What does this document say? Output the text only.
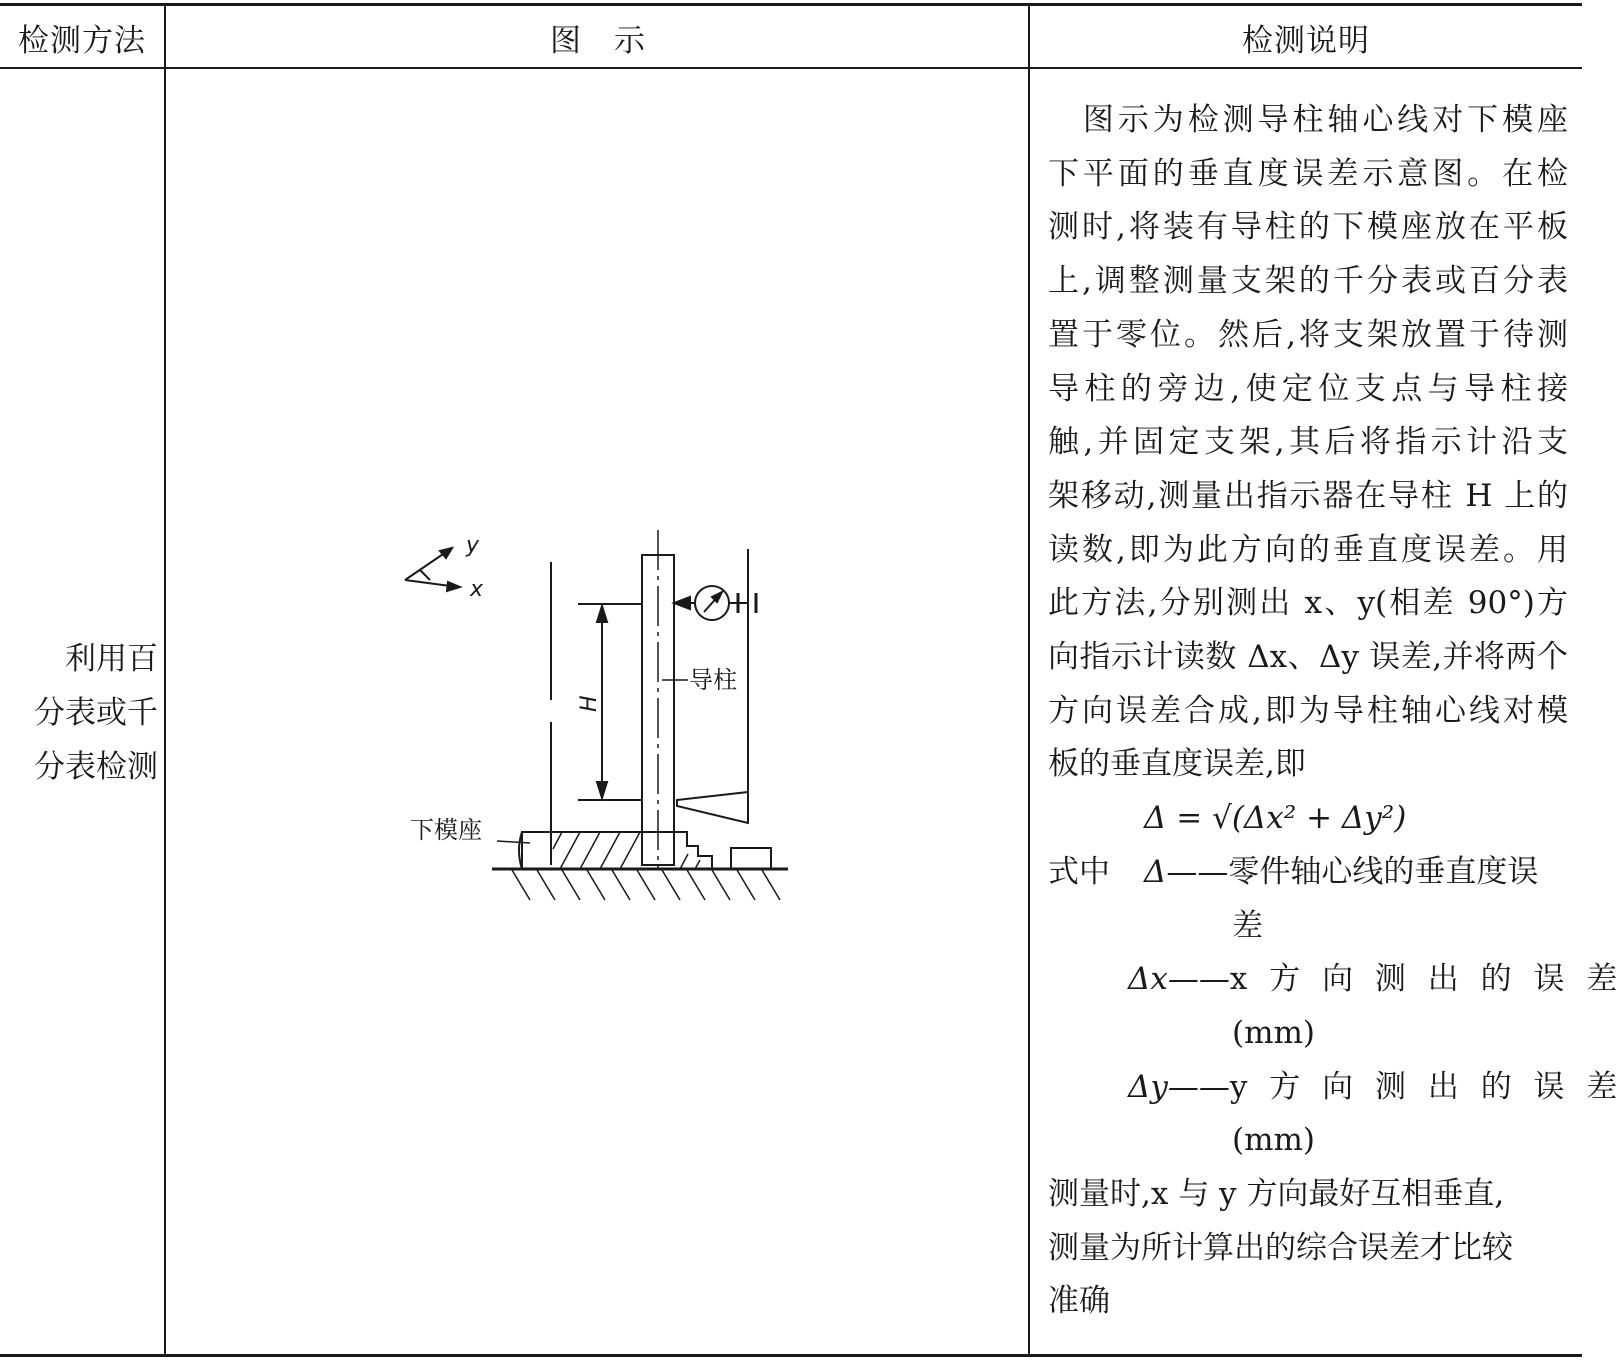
检测方法	图　示	检测说明
利用百
分表或千
分表检测
y
x
H
导柱
下模座
图示为检测导柱轴心线对下模座
下平面的垂直度误差示意图。在检
测时,将装有导柱的下模座放在平板
上,调整测量支架的千分表或百分表
置于零位。然后,将支架放置于待测
导柱的旁边,使定位支点与导柱接
触,并固定支架,其后将指示计沿支
架移动,测量出指示器在导柱 H 上的
读数,即为此方向的垂直度误差。用
此方法,分别测出 x、y(相差 90°)方
向指示计读数 Δx、Δy 误差,并将两个
方向误差合成,即为导柱轴心线对模
板的垂直度误差,即
Δ = √(Δx² + Δy²)
式中 Δ——零件轴心线的垂直度误
差
Δx——x 方 向 测 出 的 误 差
(mm)
Δy——y 方 向 测 出 的 误 差
(mm)
测量时,x 与 y 方向最好互相垂直,
测量为所计算出的综合误差才比较
准确
